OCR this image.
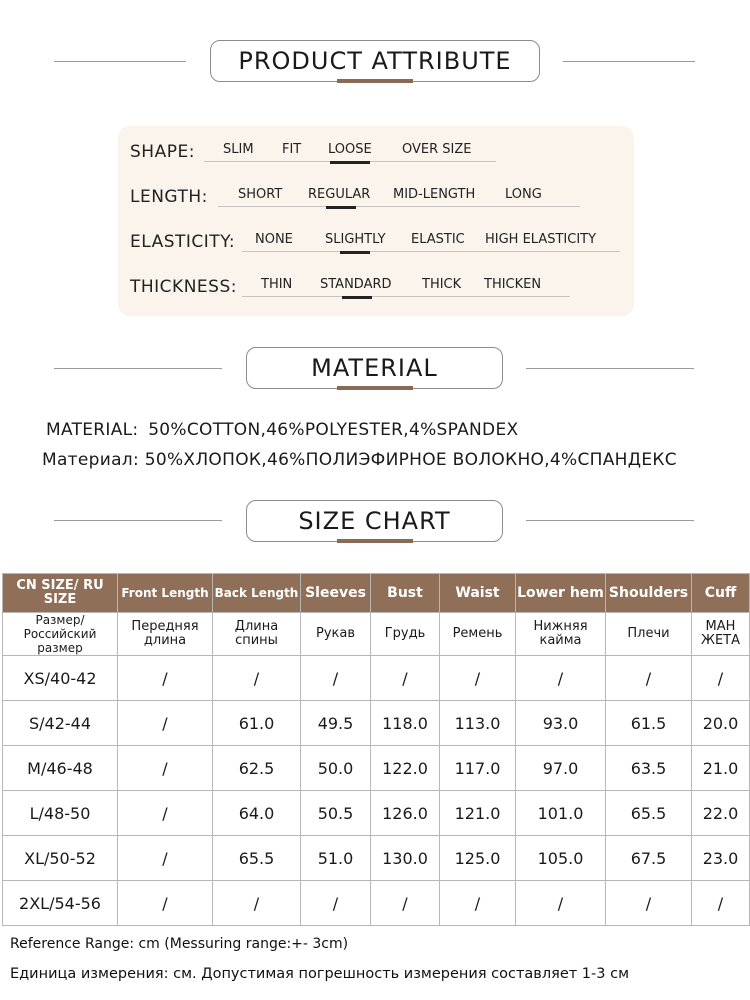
PRODUCT ATTRIBUTE
SHAPE: SLIM FIT LOOSE OVER SIZE
LENGTH: SHORT REGULAR MID-LENGTH LONG
ELASTICITY: NONE SLIGHTLY ELASTIC HIGH ELASTICITY
THICKNESS: THIN STANDARD THICK THICKEN
MATERIAL
MATERIAL: 50%COTTON,46%POLYESTER,4%SPANDEX
Материал: 50%ХЛОПОК,46%ПОЛИЭФИРНОЕ ВОЛОКНО,4%СПАНДЕКС
SIZE CHART
CN SIZE/ RU SIZE	Front Length	Back Length	Sleeves	Bust	Waist	Lower hem	Shoulders	Cuff
Размер/ Российский размер	Передняя длина	Длина спины	Рукав	Грудь	Ремень	Нижняя кайма	Плечи	МАН ЖЕТА
XS/40-42	/	/	/	/	/	/	/	/
S/42-44	/	61.0	49.5	118.0	113.0	93.0	61.5	20.0
M/46-48	/	62.5	50.0	122.0	117.0	97.0	63.5	21.0
L/48-50	/	64.0	50.5	126.0	121.0	101.0	65.5	22.0
XL/50-52	/	65.5	51.0	130.0	125.0	105.0	67.5	23.0
2XL/54-56	/	/	/	/	/	/	/	/
Reference Range: cm (Messuring range:+- 3cm)
Единица измерения: см. Допустимая погрешность измерения составляет 1-3 см
